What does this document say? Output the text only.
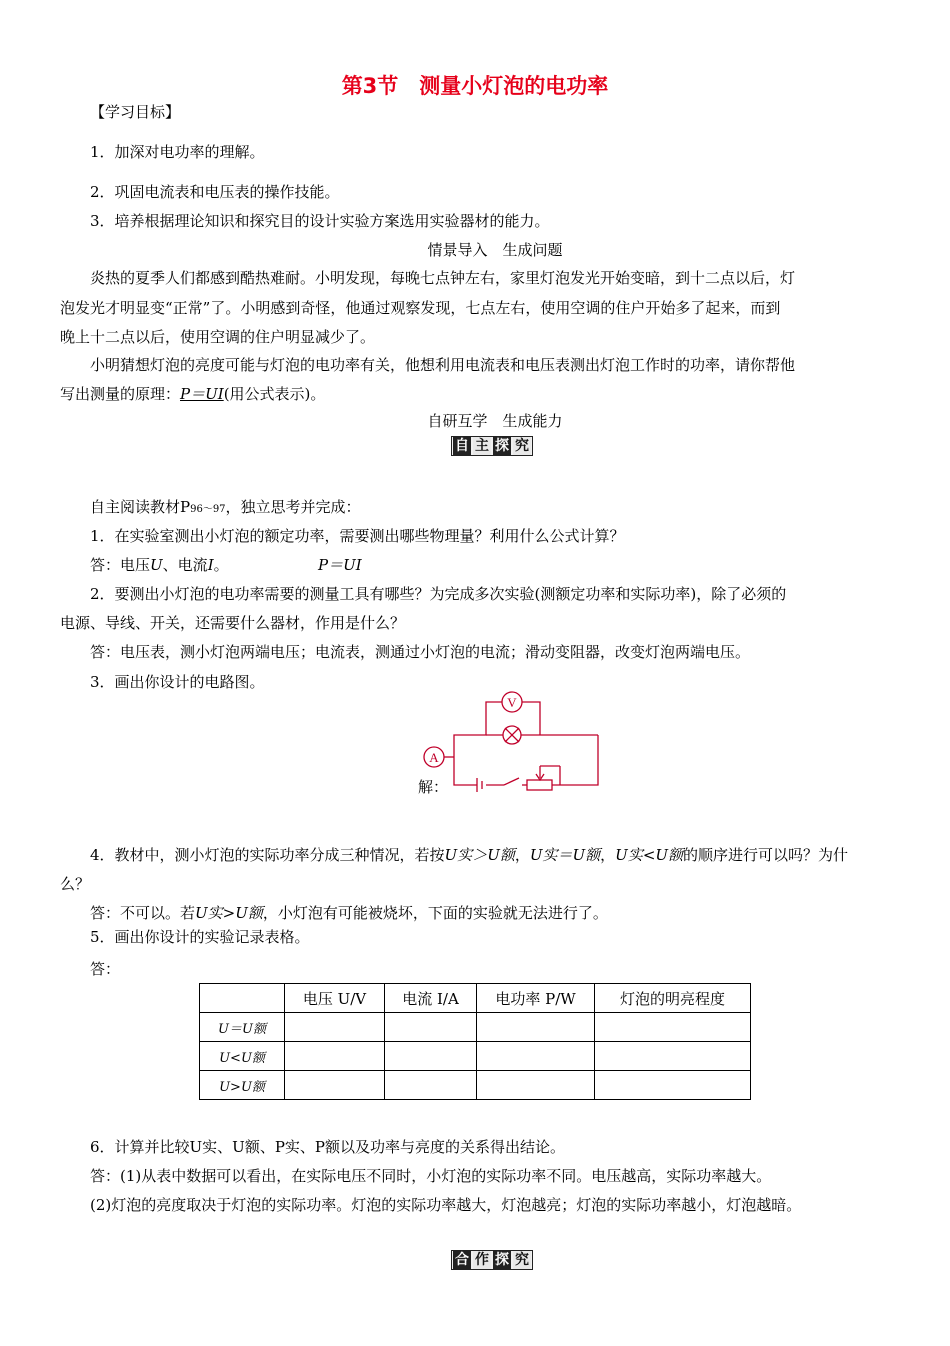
第3节　测量小灯泡的电功率
【学习目标】
1．加深对电功率的理解。
2．巩固电流表和电压表的操作技能。
3．培养根据理论知识和探究目的设计实验方案选用实验器材的能力。
情景导入　生成问题
炎热的夏季人们都感到酷热难耐。小明发现，每晚七点钟左右，家里灯泡发光开始变暗，到十二点以后，灯
泡发光才明显变“正常”了。小明感到奇怪，他通过观察发现，七点左右，使用空调的住户开始多了起来，而到
晚上十二点以后，使用空调的住户明显减少了。
小明猜想灯泡的亮度可能与灯泡的电功率有关，他想利用电流表和电压表测出灯泡工作时的功率，请你帮他
写出测量的原理：P＝UI(用公式表示)。
自研互学　生成能力
自 主 探 究
自主阅读教材P96～97，独立思考并完成：
1．在实验室测出小灯泡的额定功率，需要测出哪些物理量？利用什么公式计算？
答：电压U、电流I。	P＝UI
2．要测出小灯泡的电功率需要的测量工具有哪些？为完成多次实验(测额定功率和实际功率)，除了必须的
电源、导线、开关，还需要什么器材，作用是什么？
答：电压表，测小灯泡两端电压；电流表，测通过小灯泡的电流；滑动变阻器，改变灯泡两端电压。
3．画出你设计的电路图。
V
A
解：
4．教材中，测小灯泡的实际功率分成三种情况，若按U实＞U额，U实＝U额，U实<U额的顺序进行可以吗？为什
么？
答：不可以。若U实>U额，小灯泡有可能被烧坏，下面的实验就无法进行了。
5．画出你设计的实验记录表格。
答：
	电压 U/V	电流 I/A	电功率 P/W	灯泡的明亮程度
U＝U额				
U<U额				
U>U额				
6．计算并比较U实、U额、P实、P额以及功率与亮度的关系得出结论。
答：(1)从表中数据可以看出，在实际电压不同时，小灯泡的实际功率不同。电压越高，实际功率越大。
(2)灯泡的亮度取决于灯泡的实际功率。灯泡的实际功率越大，灯泡越亮；灯泡的实际功率越小，灯泡越暗。
合 作 探 究
